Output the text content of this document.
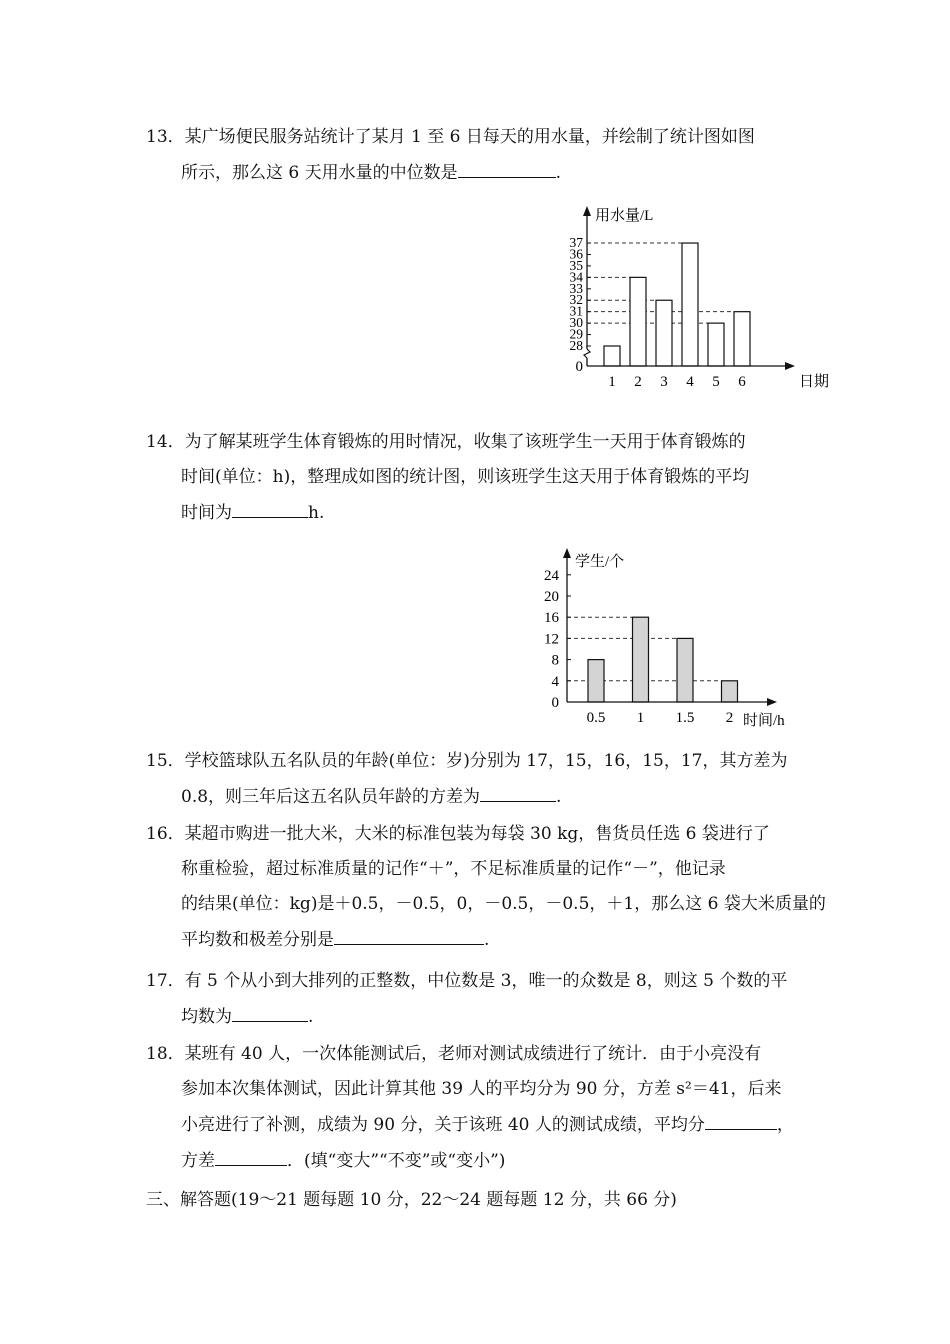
13．某广场便民服务站统计了某月 1 至 6 日每天的用水量，并绘制了统计图如图
所示，那么这 6 天用水量的中位数是	.
0
28
29
30
31
32
33
34
35
36
37
1 2 3 4 5 6	日期
用水量/L
14．为了解某班学生体育锻炼的用时情况，收集了该班学生一天用于体育锻炼的
时间(单位：h)，整理成如图的统计图，则该班学生这天用于体育锻炼的平均
时间为	h.
0
4
8
12
16
20
24
0.5 1 1.5 2 时间/h
学生/个
15．学校篮球队五名队员的年龄(单位：岁)分别为 17，15，16，15，17，其方差为
0.8，则三年后这五名队员年龄的方差为	.
16．某超市购进一批大米，大米的标准包装为每袋 30 kg，售货员任选 6 袋进行了
称重检验，超过标准质量的记作“＋”，不足标准质量的记作“－”，他记录
的结果(单位：kg)是＋0.5，－0.5，0，－0.5，－0.5，＋1，那么这 6 袋大米质量的
平均数和极差分别是	.
17．有 5 个从小到大排列的正整数，中位数是 3，唯一的众数是 8，则这 5 个数的平
均数为	.
18．某班有 40 人，一次体能测试后，老师对测试成绩进行了统计．由于小亮没有
参加本次集体测试，因此计算其他 39 人的平均分为 90 分，方差 s²＝41，后来
小亮进行了补测，成绩为 90 分，关于该班 40 人的测试成绩，平均分	，
方差	．(填“变大”“不变”或“变小”)
三、解答题(19～21 题每题 10 分，22～24 题每题 12 分，共 66 分)
